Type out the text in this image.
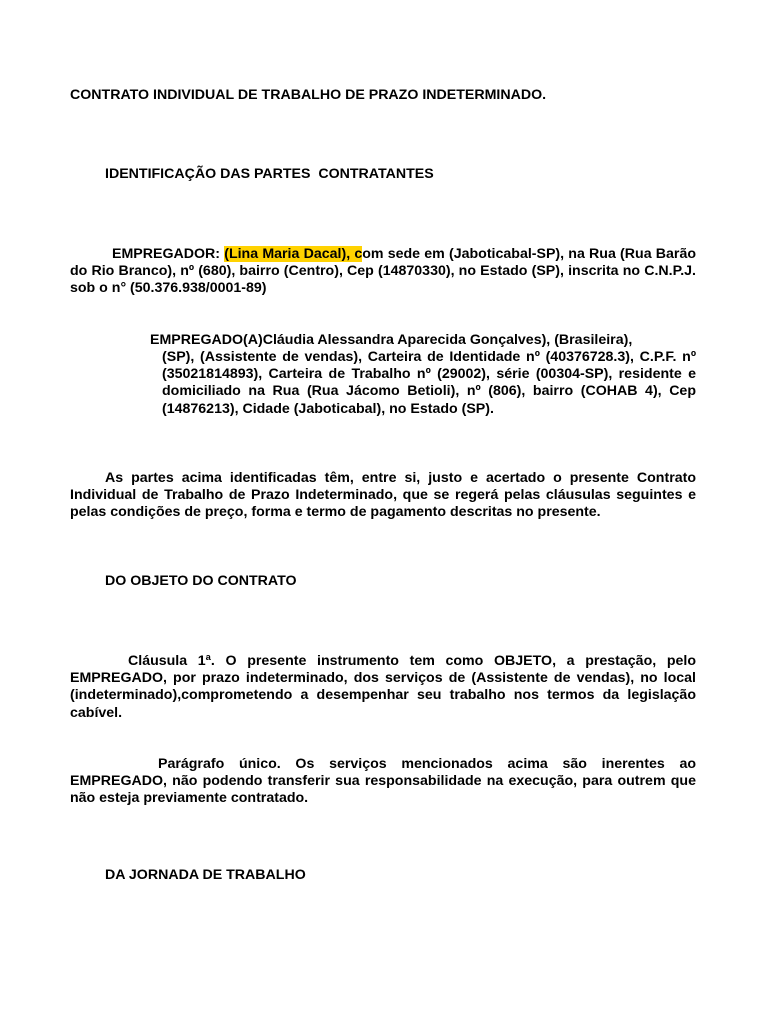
CONTRATO INDIVIDUAL DE TRABALHO DE PRAZO INDETERMINADO.
IDENTIFICAÇÃO DAS PARTES  CONTRATANTES

EMPREGADOR: (Lina Maria Dacal), com sede em (Jaboticabal-SP), na Rua (Rua Barão do Rio Branco), nº (680), bairro (Centro), Cep (14870330), no Estado (SP), inscrita no C.N.P.J. sob o n° (50.376.938/0001-89)

EMPREGADO(A)Cláudia Alessandra Aparecida Gonçalves), (Brasileira),

(SP), (Assistente de vendas), Carteira de Identidade nº (40376728.3), C.P.F. nº (35021814893), Carteira de Trabalho nº (29002), série (00304-SP), residente e domiciliado na Rua (Rua Jácomo Betioli), nº (806), bairro (COHAB 4), Cep (14876213), Cidade (Jaboticabal), no Estado (SP).

As partes acima identificadas têm, entre si, justo e acertado o presente Contrato Individual de Trabalho de Prazo Indeterminado, que se regerá pelas cláusulas seguintes e pelas condições de preço, forma e termo de pagamento descritas no presente.

DO OBJETO DO CONTRATO

Cláusula 1ª. O presente instrumento tem como OBJETO, a prestação, pelo EMPREGADO, por prazo indeterminado, dos serviços de (Assistente de vendas), no local (indeterminado),comprometendo a desempenhar seu trabalho nos termos da legislação cabível.

Parágrafo único. Os serviços mencionados acima são inerentes ao EMPREGADO, não podendo transferir sua responsabilidade na execução, para outrem que não esteja previamente contratado.

DA JORNADA DE TRABALHO
